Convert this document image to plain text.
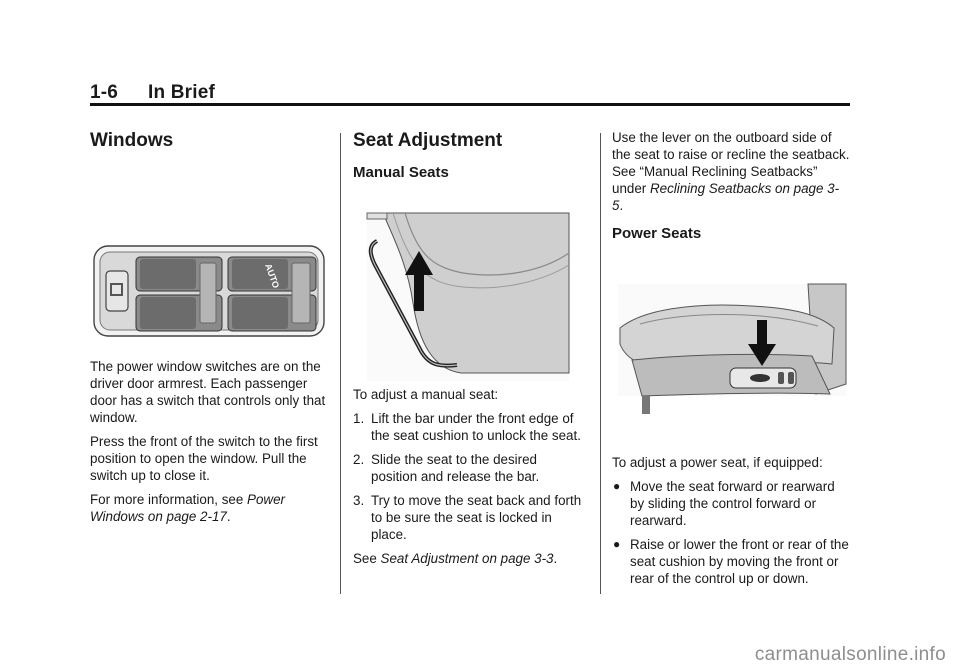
1-6 In Brief
Windows
AUTO

The power window switches are on the driver door armrest. Each passenger door has a switch that controls only that window.

Press the front of the switch to the first position to open the window. Pull the switch up to close it.

For more information, see Power Windows on page 2-17.

Seat Adjustment
Manual Seats

To adjust a manual seat:

1. Lift the bar under the front edge of the seat cushion to unlock the seat.
2. Slide the seat to the desired position and release the bar.
3. Try to move the seat back and forth to be sure the seat is locked in place.

See Seat Adjustment on page 3-3.

Use the lever on the outboard side of the seat to raise or recline the seatback. See “Manual Reclining Seatbacks” under Reclining Seatbacks on page 3-5.

Power Seats

To adjust a power seat, if equipped:

● Move the seat forward or rearward by sliding the control forward or rearward.
● Raise or lower the front or rear of the seat cushion by moving the front or rear of the control up or down.
carmanualsonline.info
